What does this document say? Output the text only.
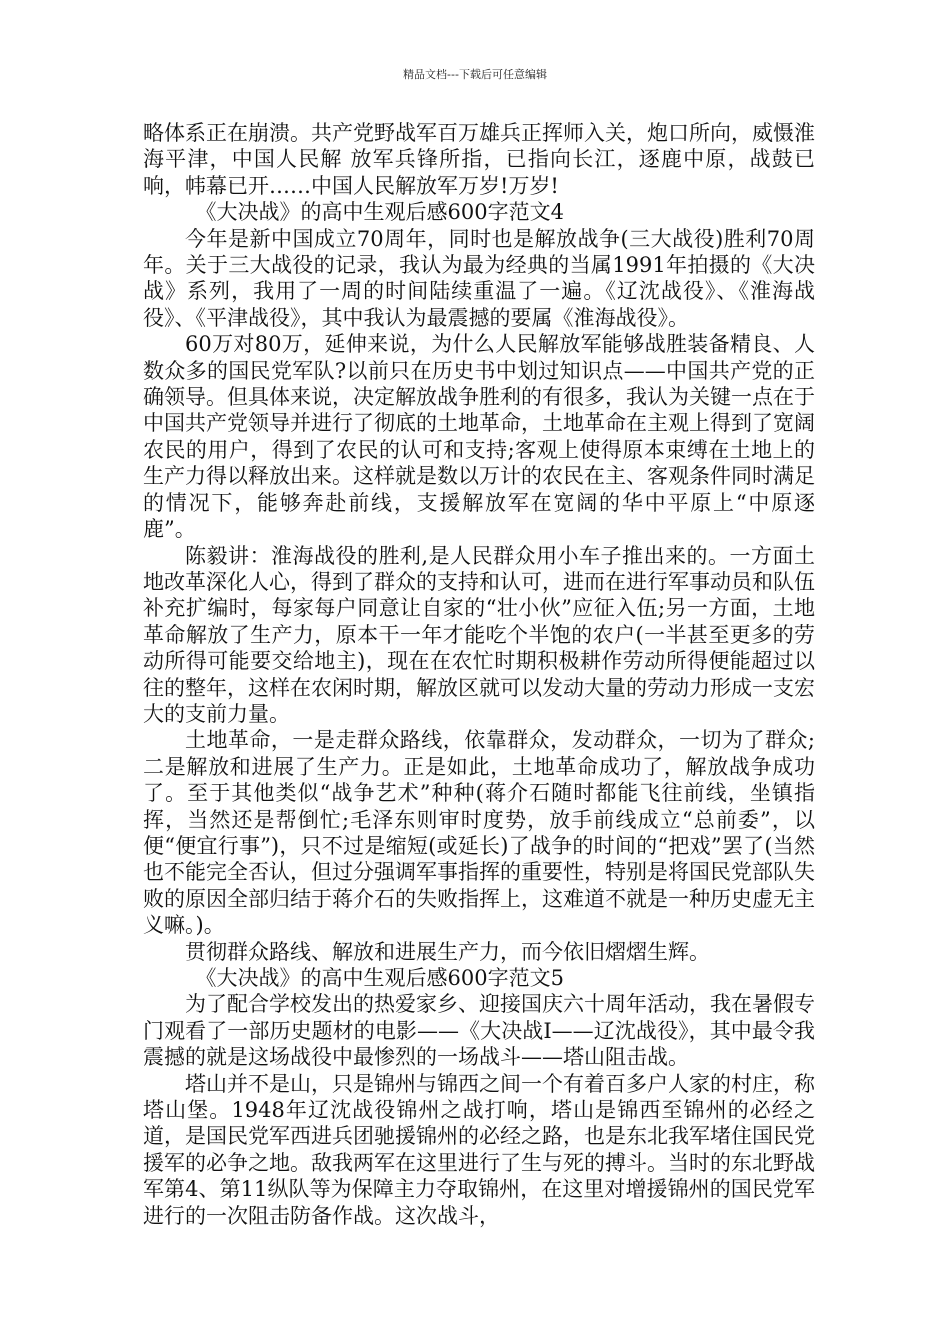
精品文档---下载后可任意编辑

略体系正在崩溃。共产党野战军百万雄兵正挥师入关，炮口所向，威慑淮海平津，中国人民解 放军兵锋所指，已指向长江，逐鹿中原，战鼓已响，帏幕已开……中国人民解放军万岁!万岁!

《大决战》的高中生观后感600字范文4

今年是新中国成立70周年，同时也是解放战争(三大战役)胜利70周年。关于三大战役的记录，我认为最为经典的当属1991年拍摄的《大决战》系列，我用了一周的时间陆续重温了一遍。《辽沈战役》、《淮海战役》、《平津战役》，其中我认为最震撼的要属《淮海战役》。

60万对80万，延伸来说，为什么人民解放军能够战胜装备精良、人数众多的国民党军队?以前只在历史书中划过知识点——中国共产党的正确领导。但具体来说，决定解放战争胜利的有很多，我认为关键一点在于中国共产党领导并进行了彻底的土地革命，土地革命在主观上得到了宽阔农民的用户，得到了农民的认可和支持;客观上使得原本束缚在土地上的生产力得以释放出来。这样就是数以万计的农民在主、客观条件同时满足的情况下，能够奔赴前线，支援解放军在宽阔的华中平原上“中原逐鹿”。

陈毅讲：淮海战役的胜利,是人民群众用小车子推出来的。一方面土地改革深化人心，得到了群众的支持和认可，进而在进行军事动员和队伍补充扩编时，每家每户同意让自家的“壮小伙”应征入伍;另一方面，土地革命解放了生产力，原本干一年才能吃个半饱的农户(一半甚至更多的劳动所得可能要交给地主)，现在在农忙时期积极耕作劳动所得便能超过以往的整年，这样在农闲时期，解放区就可以发动大量的劳动力形成一支宏大的支前力量。

土地革命，一是走群众路线，依靠群众，发动群众，一切为了群众;二是解放和进展了生产力。正是如此，土地革命成功了，解放战争成功了。至于其他类似“战争艺术”种种(蒋介石随时都能飞往前线，坐镇指挥，当然还是帮倒忙;毛泽东则审时度势，放手前线成立“总前委”，以便“便宜行事”)，只不过是缩短(或延长)了战争的时间的“把戏”罢了(当然也不能完全否认，但过分强调军事指挥的重要性，特别是将国民党部队失败的原因全部归结于蒋介石的失败指挥上，这难道不就是一种历史虚无主义嘛。)。

贯彻群众路线、解放和进展生产力，而今依旧熠熠生辉。

《大决战》的高中生观后感600字范文5

为了配合学校发出的热爱家乡、迎接国庆六十周年活动，我在暑假专门观看了一部历史题材的电影——《大决战I——辽沈战役》，其中最令我震撼的就是这场战役中最惨烈的一场战斗——塔山阻击战。

塔山并不是山，只是锦州与锦西之间一个有着百多户人家的村庄，称塔山堡。1948年辽沈战役锦州之战打响，塔山是锦西至锦州的必经之道，是国民党军西进兵团驰援锦州的必经之路，也是东北我军堵住国民党援军的必争之地。敌我两军在这里进行了生与死的搏斗。当时的东北野战军第4、第11纵队等为保障主力夺取锦州，在这里对增援锦州的国民党军进行的一次阻击防备作战。这次战斗，
